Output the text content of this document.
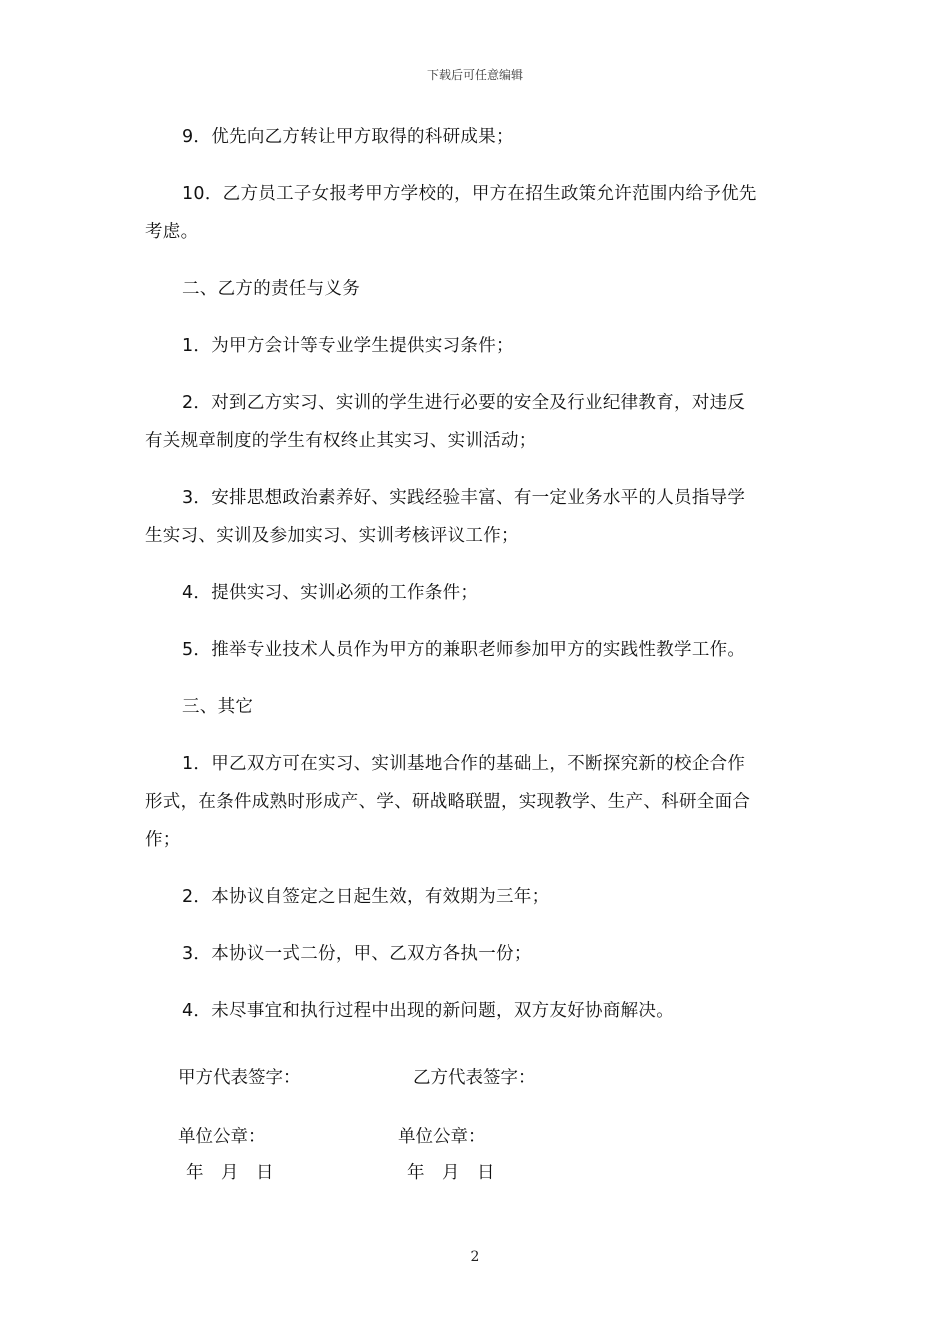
下载后可任意编辑
9．优先向乙方转让甲方取得的科研成果；
10．乙方员工子女报考甲方学校的，甲方在招生政策允许范围内给予优先
考虑。
二、乙方的责任与义务
1．为甲方会计等专业学生提供实习条件；
2．对到乙方实习、实训的学生进行必要的安全及行业纪律教育，对违反
有关规章制度的学生有权终止其实习、实训活动；
3．安排思想政治素养好、实践经验丰富、有一定业务水平的人员指导学
生实习、实训及参加实习、实训考核评议工作；
4．提供实习、实训必须的工作条件；
5．推举专业技术人员作为甲方的兼职老师参加甲方的实践性教学工作。
三、其它
1．甲乙双方可在实习、实训基地合作的基础上，不断探究新的校企合作
形式，在条件成熟时形成产、学、研战略联盟，实现教学、生产、科研全面合
作；
2．本协议自签定之日起生效，有效期为三年；
3．本协议一式二份，甲、乙双方各执一份；
4．未尽事宜和执行过程中出现的新问题，双方友好协商解决。
甲方代表签字：	乙方代表签字：
单位公章：	单位公章：
年　月　日	年　月　日
2
